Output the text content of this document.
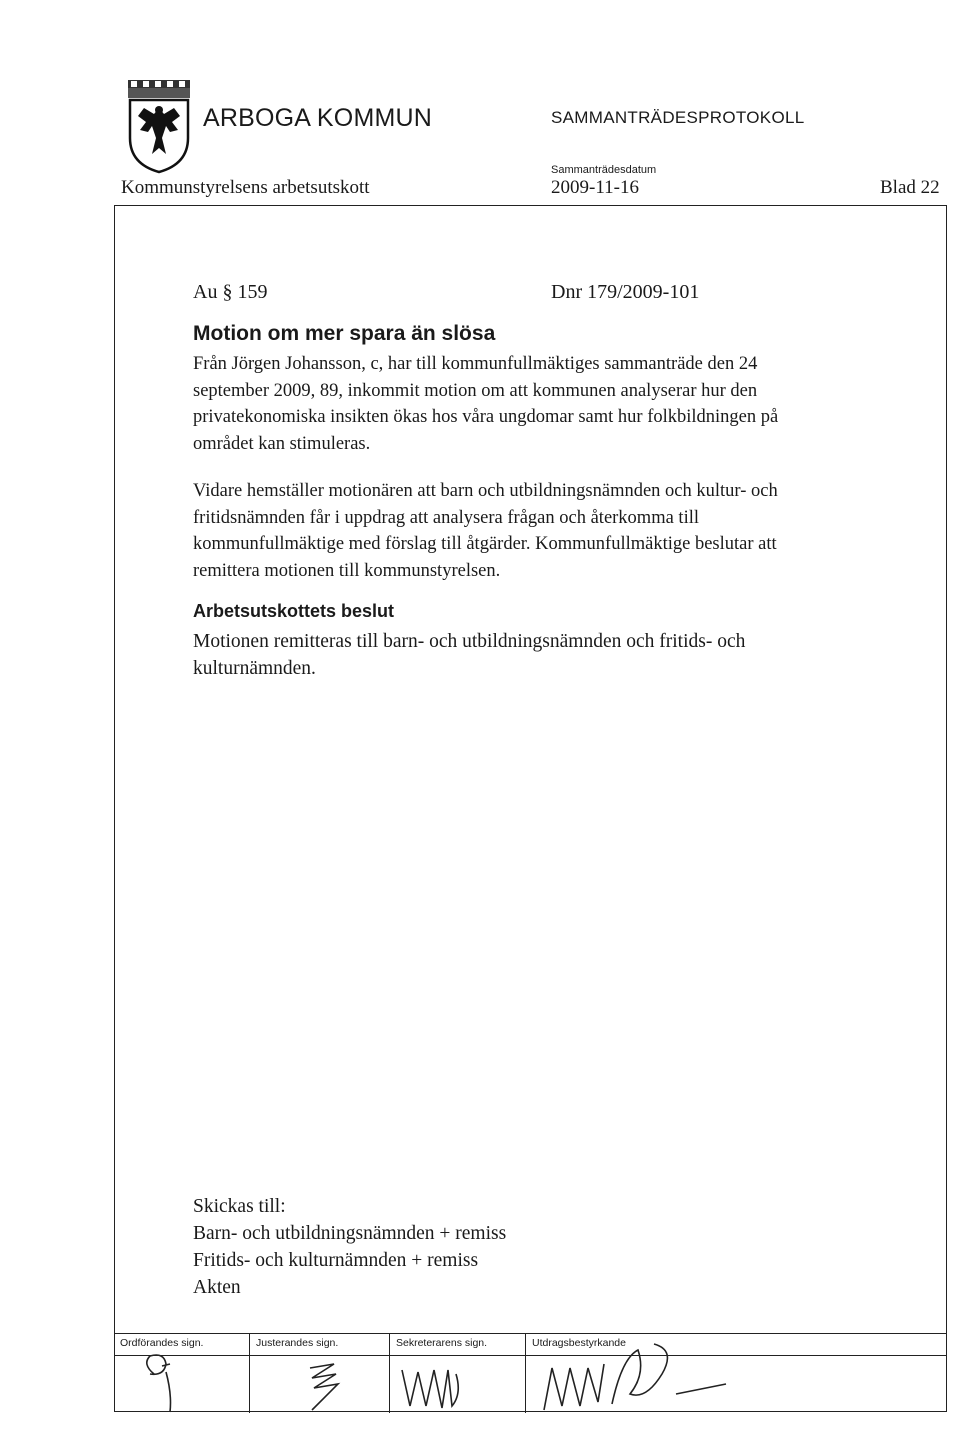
ARBOGA KOMMUN	SAMMANTRÄDESPROTOKOLL
Sammanträdesdatum
Kommunstyrelsens arbetsutskott	2009-11-16	Blad 22
Au § 159	Dnr 179/2009-101
Motion om mer spara än slösa

Från Jörgen Johansson, c, har till kommunfullmäktiges sammanträde den 24 september 2009, 89, inkommit motion om att kommunen analyserar hur den privatekonomiska insikten ökas hos våra ungdomar samt hur folkbildningen på området kan stimuleras.

Vidare hemställer motionären att barn och utbildningsnämnden och kultur- och fritidsnämnden får i uppdrag att analysera frågan och återkomma till kommunfullmäktige med förslag till åtgärder. Kommunfullmäktige beslutar att remittera motionen till kommunstyrelsen.

Arbetsutskottets beslut

Motionen remitteras till barn- och utbildningsnämnden och fritids- och kulturnämnden.

Skickas till:
Barn- och utbildningsnämnden + remiss
Fritids- och kulturnämnden + remiss
Akten
Ordförandes sign.	Justerandes sign.	Sekreterarens sign.	Utdragsbestyrkande
